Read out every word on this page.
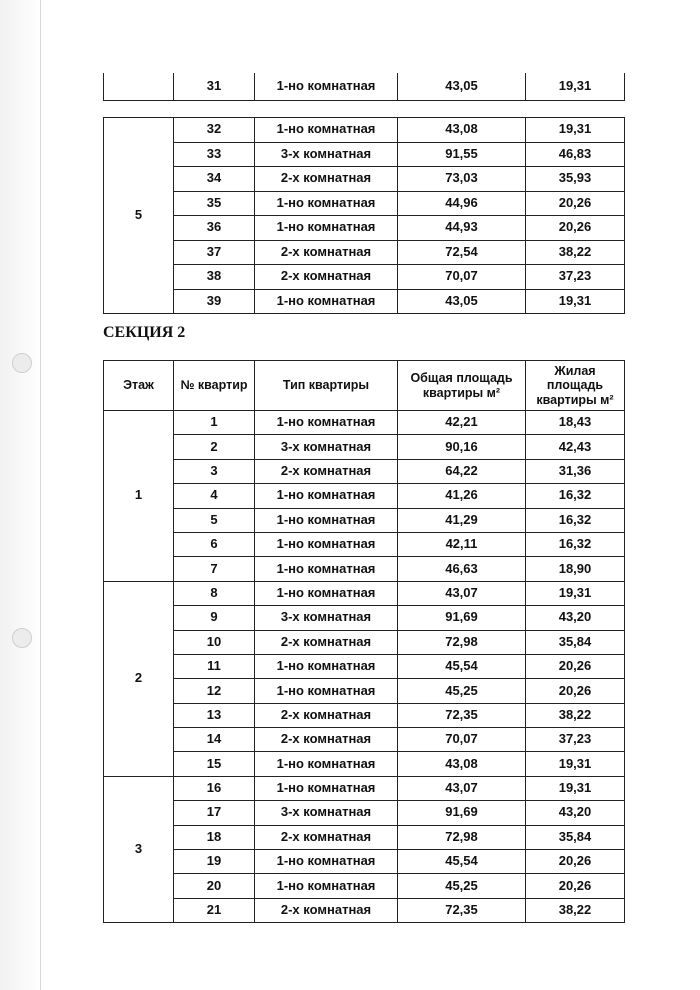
	31	1-но комнатная	43,05	19,31
5	32	1-но комнатная	43,08	19,31
	33	3-х комнатная	91,55	46,83
	34	2-х комнатная	73,03	35,93
	35	1-но комнатная	44,96	20,26
	36	1-но комнатная	44,93	20,26
	37	2-х комнатная	72,54	38,22
	38	2-х комнатная	70,07	37,23
	39	1-но комнатная	43,05	19,31
СЕКЦИЯ 2
Этаж	№ квартир	Тип квартиры	Общая площадь квартиры м²	Жилая площадь квартиры м²
1	1	1-но комнатная	42,21	18,43
	2	3-х комнатная	90,16	42,43
	3	2-х комнатная	64,22	31,36
	4	1-но комнатная	41,26	16,32
	5	1-но комнатная	41,29	16,32
	6	1-но комнатная	42,11	16,32
	7	1-но комнатная	46,63	18,90
2	8	1-но комнатная	43,07	19,31
	9	3-х комнатная	91,69	43,20
	10	2-х комнатная	72,98	35,84
	11	1-но комнатная	45,54	20,26
	12	1-но комнатная	45,25	20,26
	13	2-х комнатная	72,35	38,22
	14	2-х комнатная	70,07	37,23
	15	1-но комнатная	43,08	19,31
3	16	1-но комнатная	43,07	19,31
	17	3-х комнатная	91,69	43,20
	18	2-х комнатная	72,98	35,84
	19	1-но комнатная	45,54	20,26
	20	1-но комнатная	45,25	20,26
	21	2-х комнатная	72,35	38,22
